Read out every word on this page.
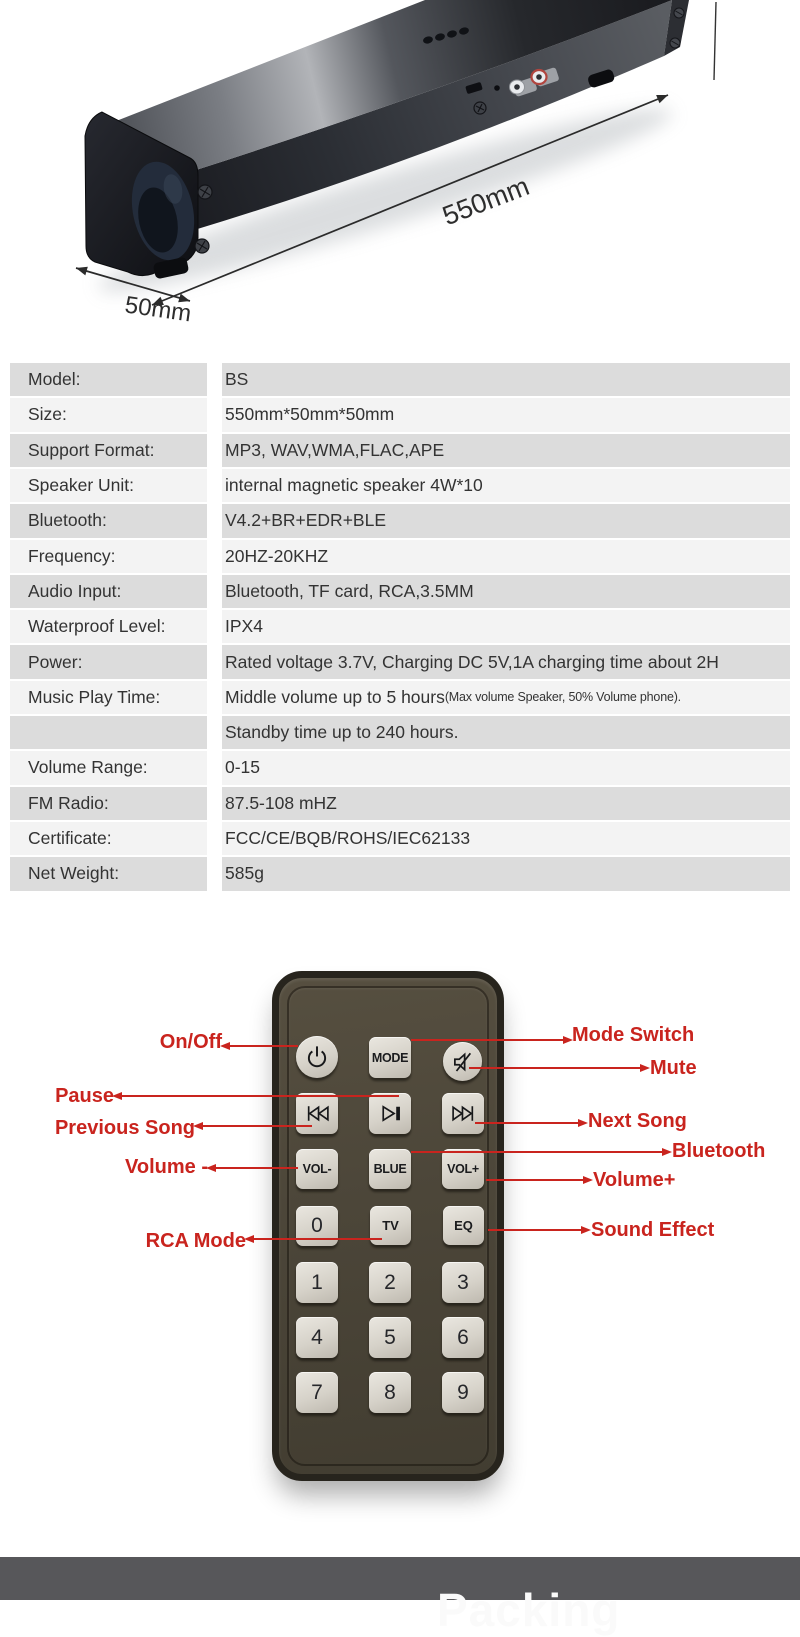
550mm
50mm
Model:	BS
Size:	550mm*50mm*50mm
Support Format:	MP3, WAV,WMA,FLAC,APE
Speaker Unit:	internal magnetic speaker 4W*10
Bluetooth:	V4.2+BR+EDR+BLE
Frequency:	20HZ-20KHZ
Audio Input:	Bluetooth, TF card, RCA,3.5MM
Waterproof Level:	IPX4
Power:	Rated voltage 3.7V, Charging DC 5V,1A charging time about 2H
Music Play Time:	Middle volume up to 5 hours (Max volume Speaker, 50% Volume phone).
Standby time up to 240 hours.
Volume Range:	0-15
FM Radio:	87.5-108 mHZ
Certificate:	FCC/CE/BQB/ROHS/IEC62133
Net Weight:	585g
MODE
VOL-	BLUE	VOL+
0	TV	EQ
1	2	3
4	5	6
7	8	9
On/Off
Pause
Previous Song
Volume -
RCA Mode
Mode Switch
Mute
Next Song
Bluetooth
Volume+
Sound Effect
Packing
